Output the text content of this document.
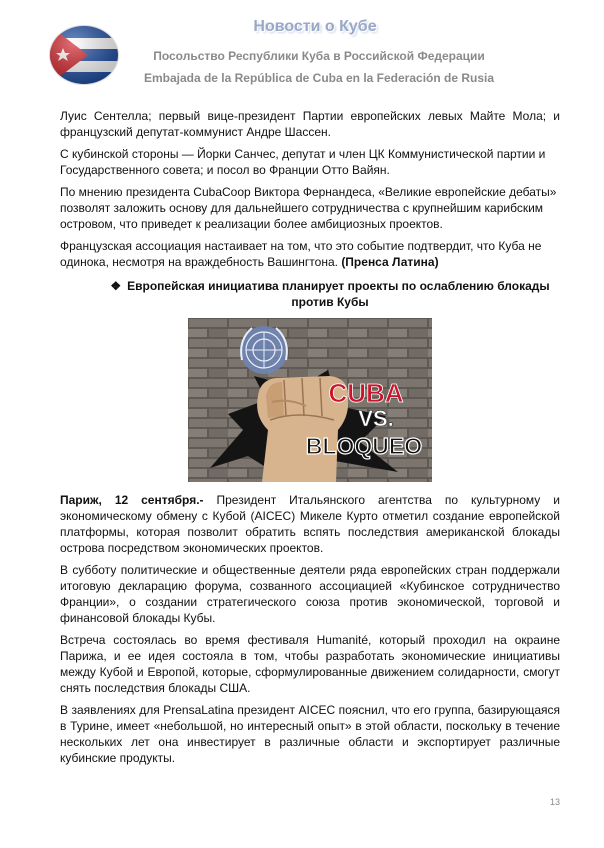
Новости о Кубе
Посольство Республики Куба в Российской Федерации
Embajada de la República de Cuba en la Federación de Rusia

Луис Сентелла; первый вице-президент Партии европейских левых Майте Мола; и французский депутат-коммунист Андре Шассен.

С кубинской стороны — Йорки Санчес, депутат и член ЦК Коммунистической партии и Государственного совета; и посол во Франции Отто Вайян.

По мнению президента CubaCoop Виктора Фернандеса, «Великие европейские дебаты» позволят заложить основу для дальнейшего сотрудничества с крупнейшим карибским островом, что приведет к реализации более амбициозных проектов.

Французская ассоциация настаивает на том, что это событие подтвердит, что Куба не одинока, несмотря на враждебность Вашингтона. (Пренса Латина)

❖ Европейская инициатива планирует проекты по ослаблению блокады против Кубы
CUBA
VS.
BLOQUEO

Париж, 12 сентября.- Президент Итальянского агентства по культурному и экономическому обмену с Кубой (AICEC) Микеле Курто отметил создание европейской платформы, которая позволит обратить вспять последствия американской блокады острова посредством экономических проектов.

В субботу политические и общественные деятели ряда европейских стран поддержали итоговую декларацию форума, созванного ассоциацией «Кубинское сотрудничество Франции», о создании стратегического союза против экономической, торговой и финансовой блокады Кубы.

Встреча состоялась во время фестиваля Humanité, который проходил на окраине Парижа, и ее идея состояла в том, чтобы разработать экономические инициативы между Кубой и Европой, которые, сформулированные движением солидарности, смогут снять последствия блокады США.

В заявлениях для PrensaLatina президент AICEC пояснил, что его группа, базирующаяся в Турине, имеет «небольшой, но интересный опыт» в этой области, поскольку в течение нескольких лет она инвестирует в различные области и экспортирует различные кубинские продукты.

13
